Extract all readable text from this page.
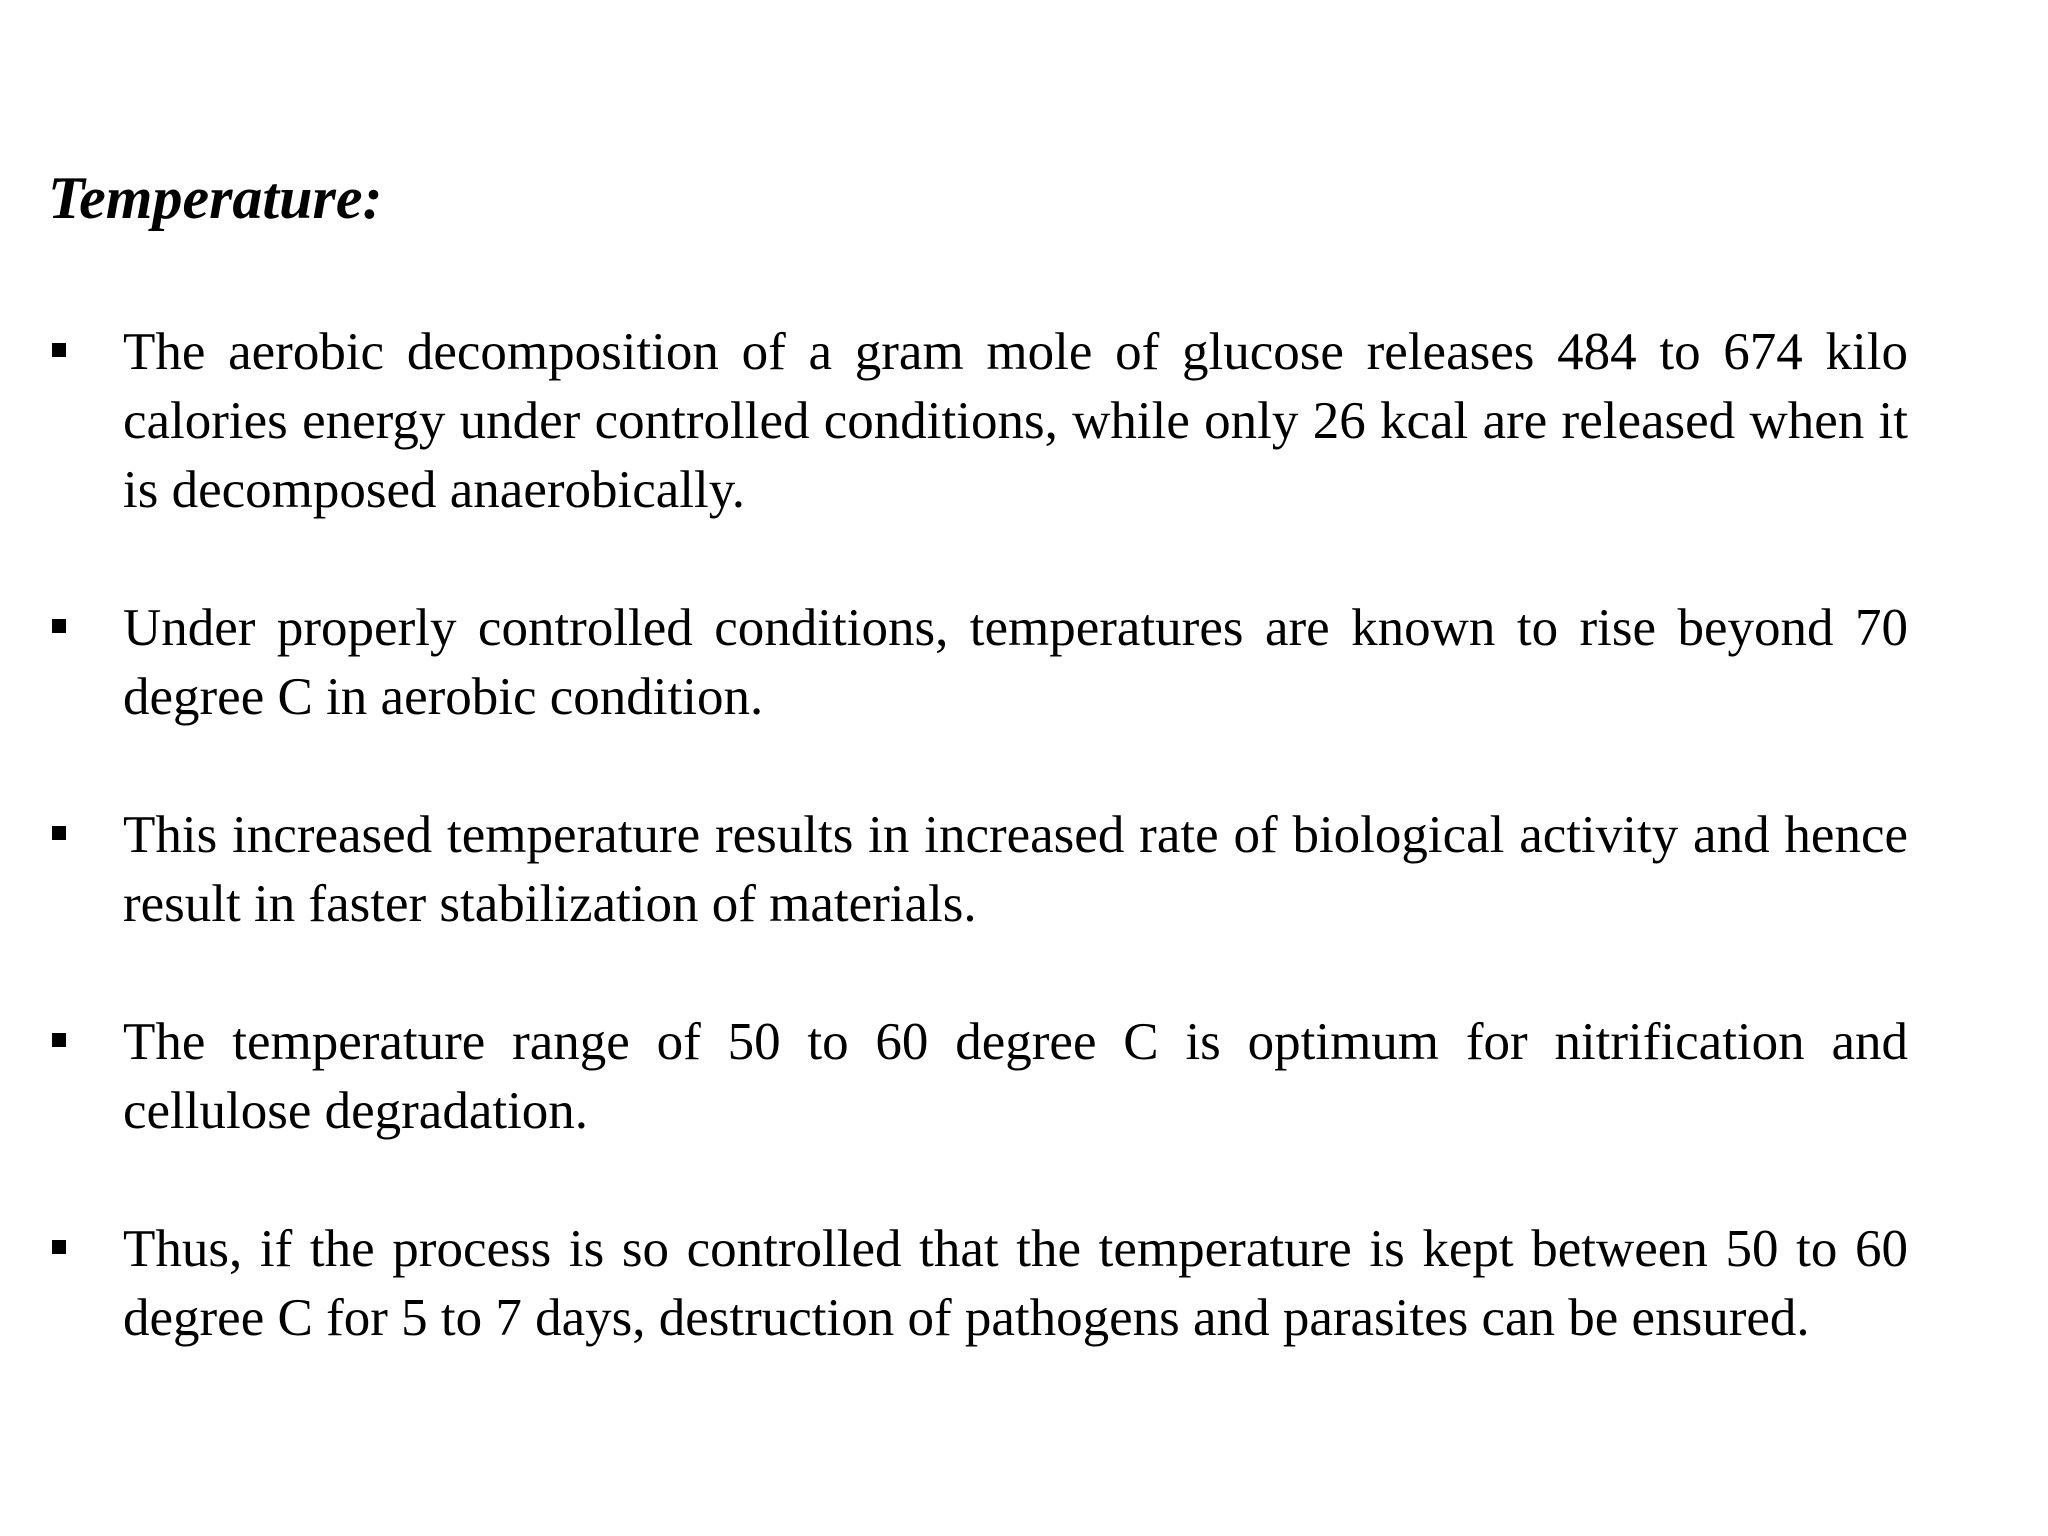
Temperature:
The aerobic decomposition of a gram mole of glucose releases 484 to 674 kilo calories energy under controlled conditions, while only 26 kcal are released when it is decomposed anaerobically.
Under properly controlled conditions, temperatures are known to rise beyond 70 degree C in aerobic condition.
This increased temperature results in increased rate of biological activity and hence result in faster stabilization of materials.
The temperature range of 50 to 60 degree C is optimum for nitrification and cellulose degradation.
Thus, if the process is so controlled that the temperature is kept between 50 to 60 degree C for 5 to 7 days, destruction of pathogens and parasites can be ensured.
